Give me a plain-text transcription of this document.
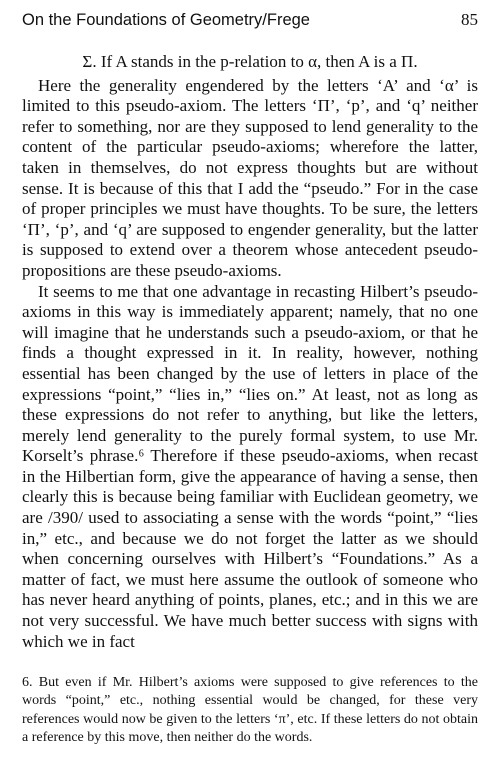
On the Foundations of Geometry/Frege	85
Σ. If A stands in the p-relation to α, then A is a Π.

Here the generality engendered by the letters ‘A’ and ‘α’ is limited to this pseudo-axiom. The letters ‘Π’, ‘p’, and ‘q’ neither refer to something, nor are they supposed to lend generality to the content of the particular pseudo-axioms; wherefore the latter, taken in themselves, do not express thoughts but are without sense. It is because of this that I add the “pseudo.” For in the case of proper principles we must have thoughts. To be sure, the letters ‘Π’, ‘p’, and ‘q’ are supposed to engender generality, but the latter is supposed to extend over a theorem whose antecedent pseudo-propositions are these pseudo-axioms.

It seems to me that one advantage in recasting Hilbert’s pseudo-axioms in this way is immediately apparent; namely, that no one will imagine that he understands such a pseudo-axiom, or that he finds a thought expressed in it. In reality, however, nothing essential has been changed by the use of letters in place of the expressions “point,” “lies in,” “lies on.” At least, not as long as these expressions do not refer to anything, but like the letters, merely lend generality to the purely formal system, to use Mr. Korselt’s phrase.⁶ Therefore if these pseudo-axioms, when recast in the Hilbertian form, give the appearance of having a sense, then clearly this is because being familiar with Euclidean geometry, we are /390/ used to associating a sense with the words “point,” “lies in,” etc., and because we do not forget the latter as we should when concerning ourselves with Hilbert’s “Foundations.” As a matter of fact, we must here assume the outlook of someone who has never heard anything of points, planes, etc.; and in this we are not very successful. We have much better success with signs with which we in fact

6. But even if Mr. Hilbert’s axioms were supposed to give references to the words “point,” etc., nothing essential would be changed, for these very references would now be given to the letters ‘π’, etc. If these letters do not obtain a reference by this move, then neither do the words.
